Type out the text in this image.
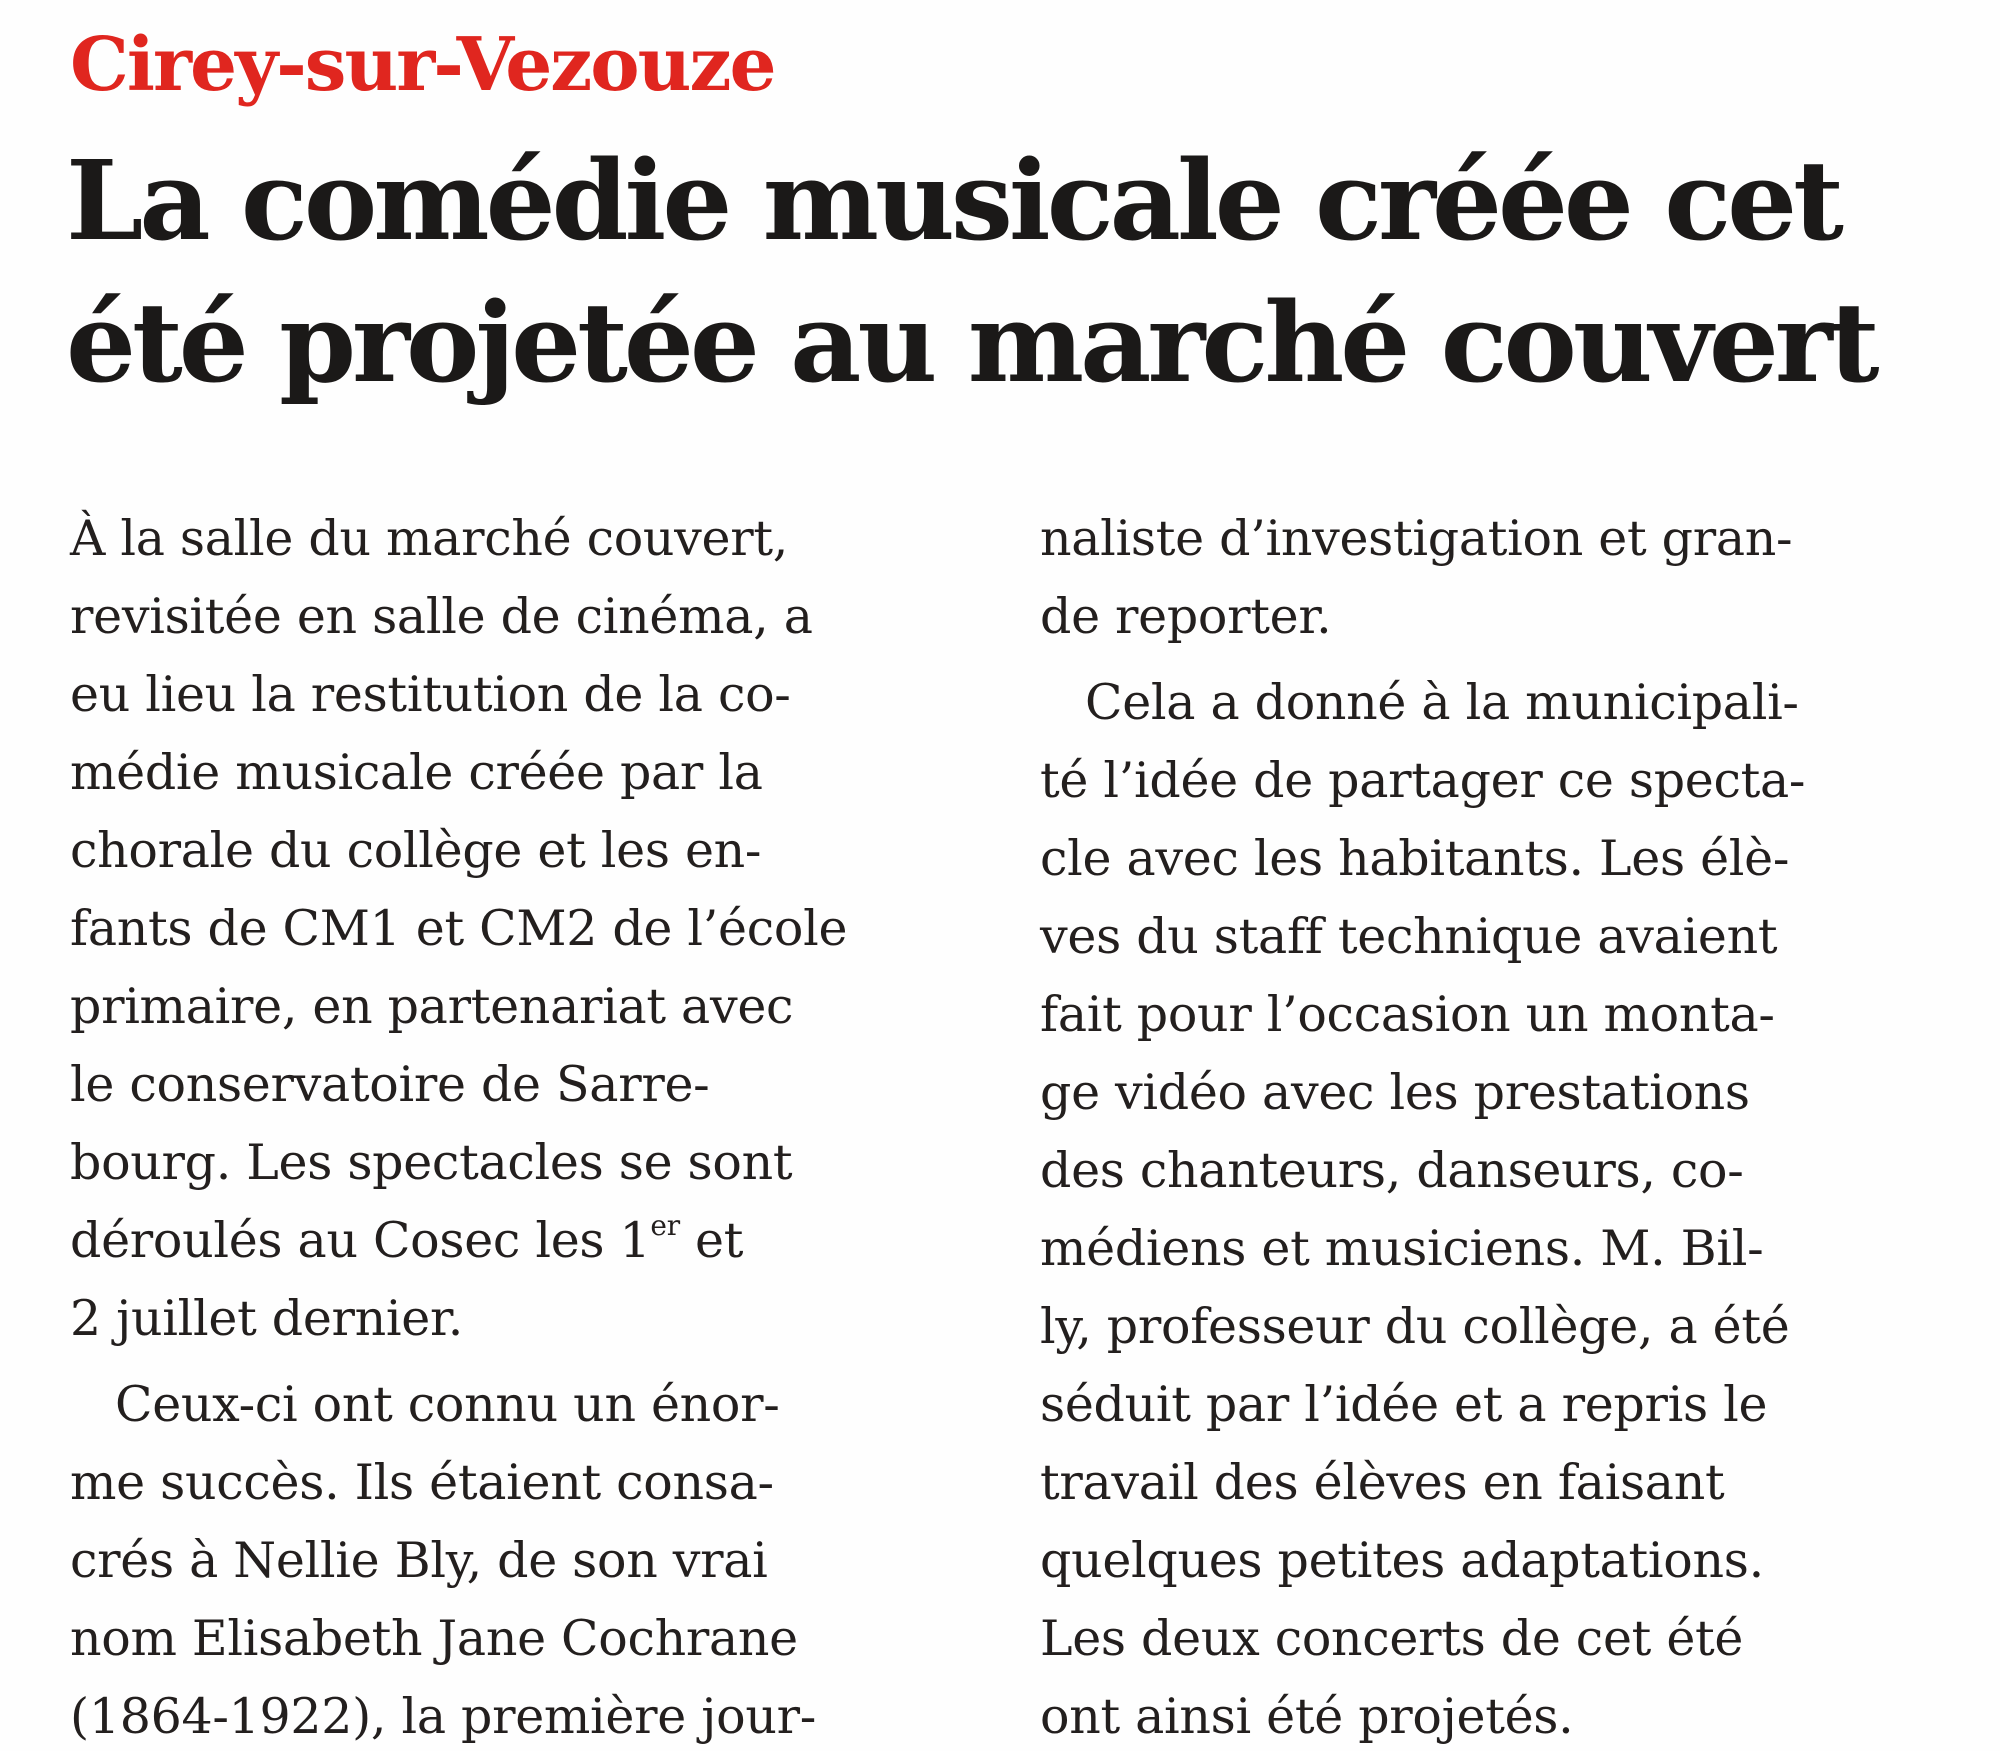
Cirey-sur-Vezouze
La comédie musicale créée cet
été projetée au marché couvert
À la salle du marché couvert,
revisitée en salle de cinéma, a
eu lieu la restitution de la co-
médie musicale créée par la
chorale du collège et les en-
fants de CM1 et CM2 de l’école
primaire, en partenariat avec
le conservatoire de Sarre-
bourg. Les spectacles se sont
déroulés au Cosec les 1er et
2 juillet dernier.
Ceux-ci ont connu un énor-
me succès. Ils étaient consa-
crés à Nellie Bly, de son vrai
nom Elisabeth Jane Cochrane
(1864-1922), la première jour-
naliste d’investigation et gran-
de reporter.
Cela a donné à la municipali-
té l’idée de partager ce specta-
cle avec les habitants. Les élè-
ves du staff technique avaient
fait pour l’occasion un monta-
ge vidéo avec les prestations
des chanteurs, danseurs, co-
médiens et musiciens. M. Bil-
ly, professeur du collège, a été
séduit par l’idée et a repris le
travail des élèves en faisant
quelques petites adaptations.
Les deux concerts de cet été
ont ainsi été projetés.
